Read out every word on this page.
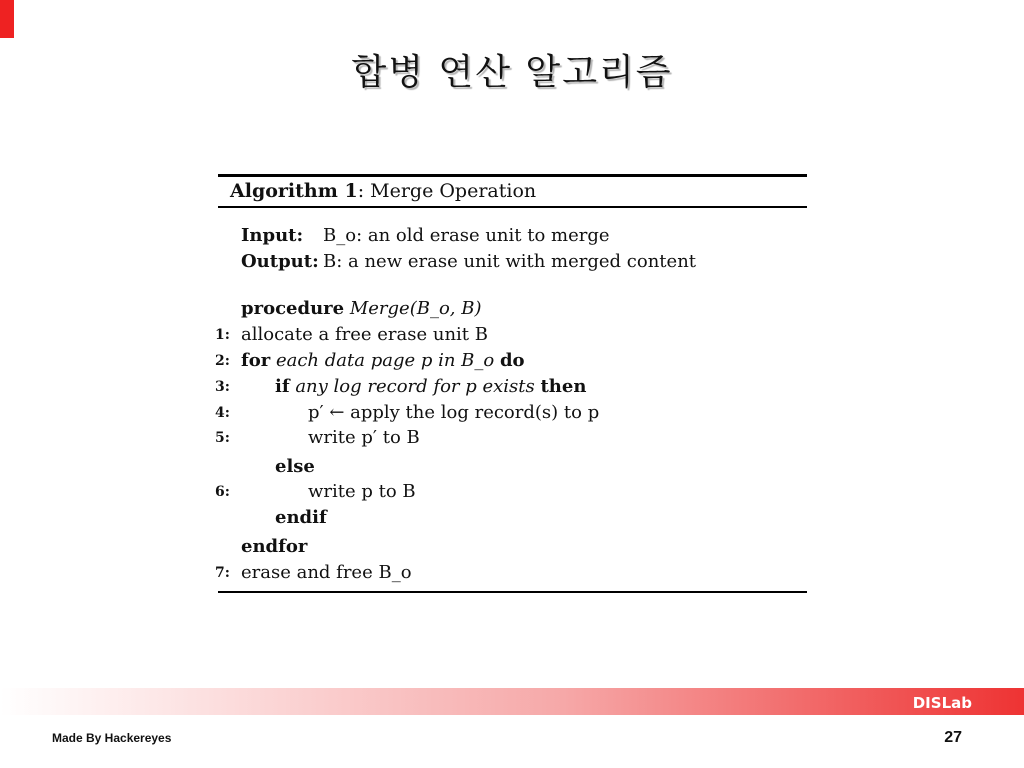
합병 연산 알고리즘
Algorithm 1: Merge Operation
Input: B_o: an old erase unit to merge
Output: B: a new erase unit with merged content
procedure Merge(B_o, B)
1: allocate a free erase unit B
2: for each data page p in B_o do
3:	if any log record for p exists then
4:	p′ ← apply the log record(s) to p
5:	write p′ to B
else
6:	write p to B
endif
endfor
7: erase and free B_o
DISLab
Made By Hackereyes	27
